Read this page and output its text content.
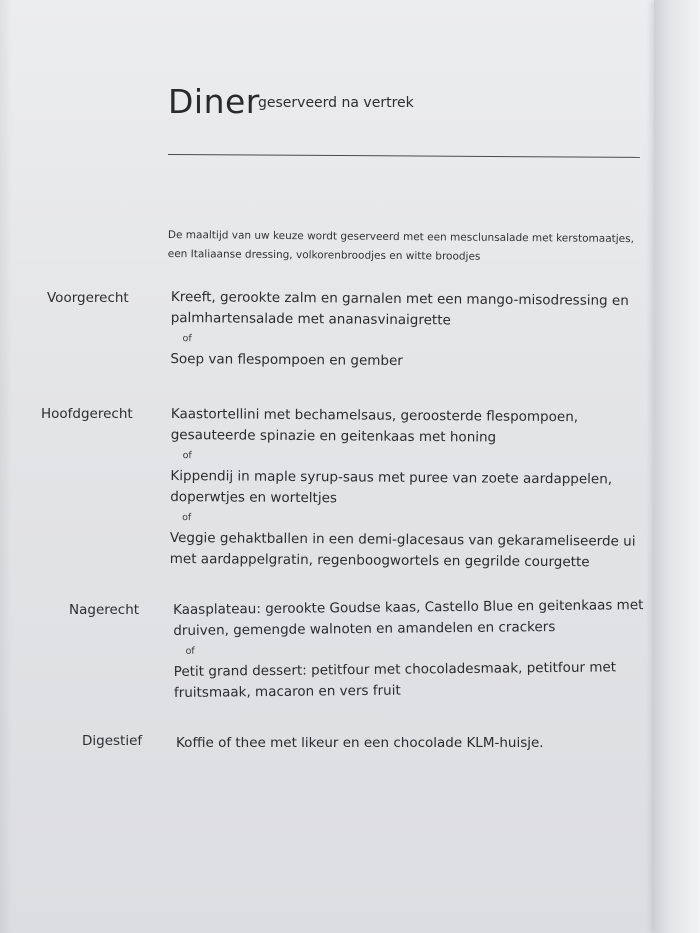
Diner
geserveerd na vertrek
De maaltijd van uw keuze wordt geserveerd met een mesclunsalade met kerstomaatjes,
een Italiaanse dressing, volkorenbroodjes en witte broodjes
Voorgerecht	Kreeft, gerookte zalm en garnalen met een mango-misodressing en
palmhartensalade met ananasvinaigrette
of
Soep van flespompoen en gember
Hoofdgerecht	Kaastortellini met bechamelsaus, geroosterde flespompoen,
gesauteerde spinazie en geitenkaas met honing
of
Kippendij in maple syrup-saus met puree van zoete aardappelen,
doperwtjes en worteltjes
of
Veggie gehaktballen in een demi-glacesaus van gekarameliseerde ui
met aardappelgratin, regenboogwortels en gegrilde courgette
Nagerecht	Kaasplateau: gerookte Goudse kaas, Castello Blue en geitenkaas met
druiven, gemengde walnoten en amandelen en crackers
of
Petit grand dessert: petitfour met chocoladesmaak, petitfour met
fruitsmaak, macaron en vers fruit
Digestief	Koffie of thee met likeur en een chocolade KLM-huisje.
